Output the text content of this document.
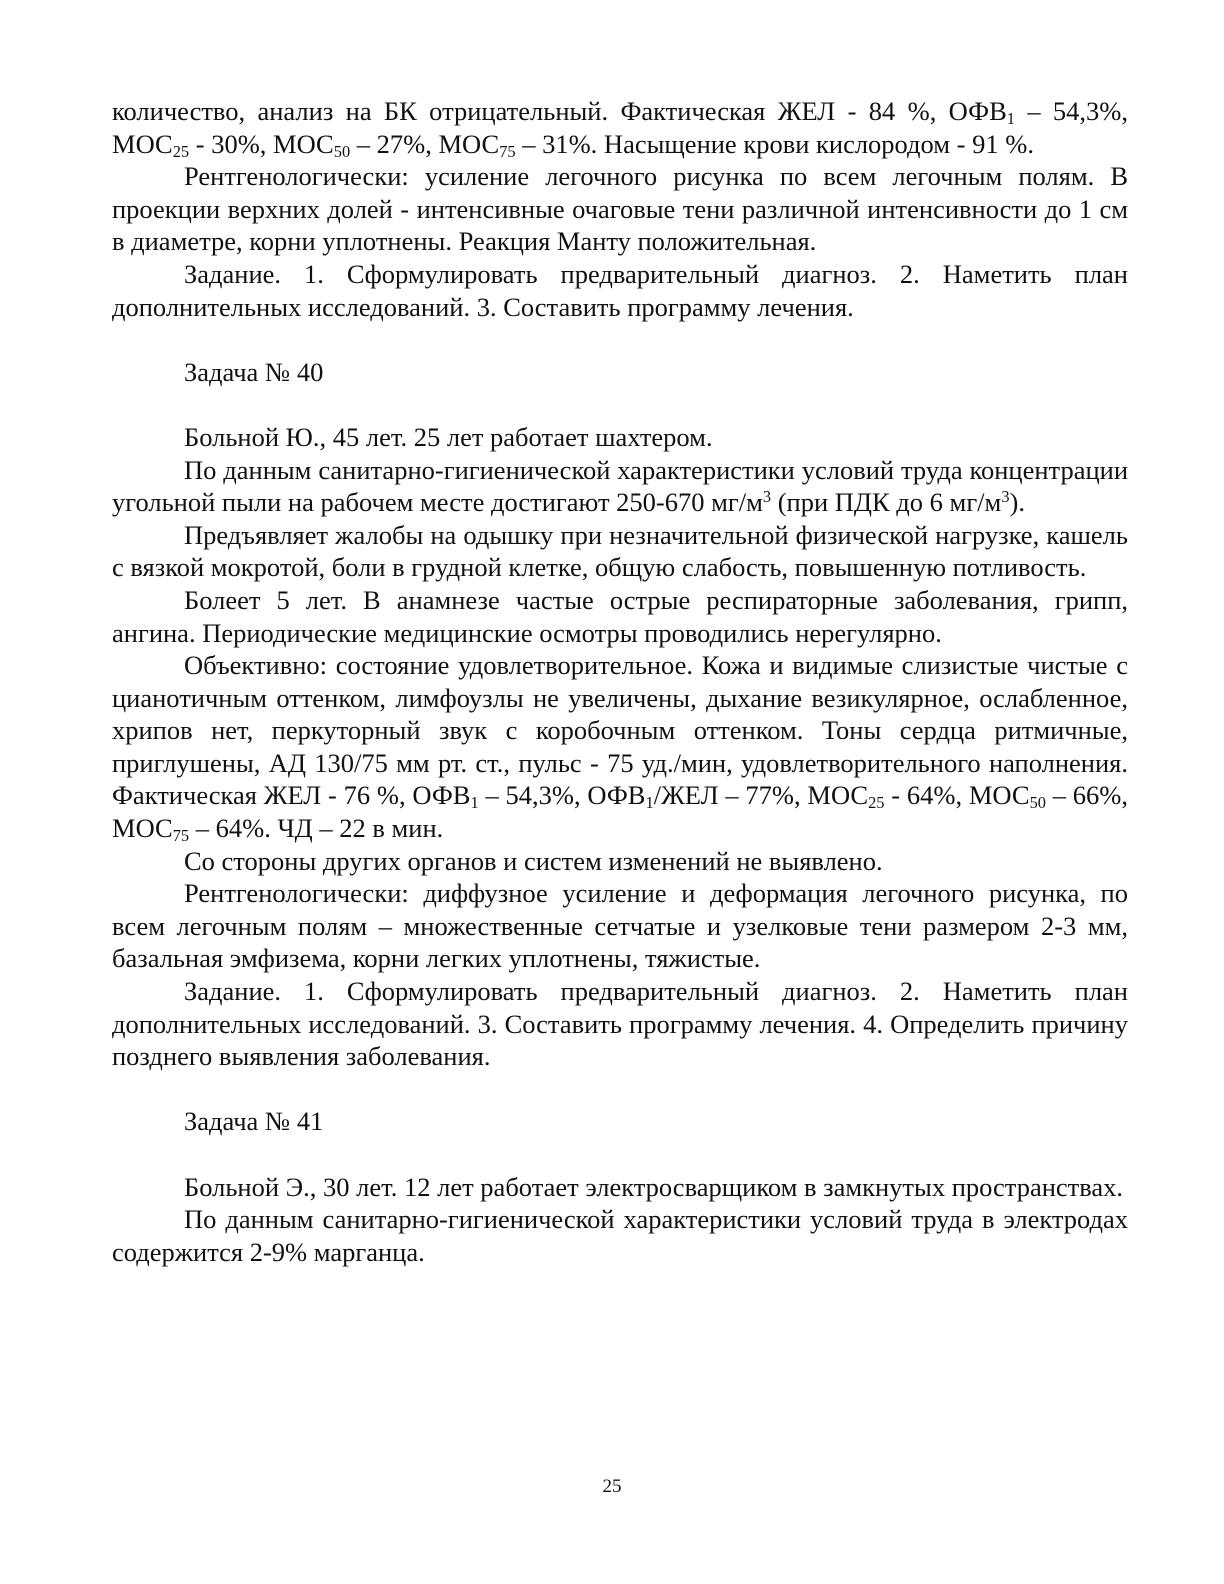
количество, анализ на БК отрицательный. Фактическая ЖЕЛ - 84 %, $ОФВ_1 - 54,3\%$, $МОС_{25} - 30\%$, $МОС_{50} - 27\%$, $МОС_{75} - 31\%$. Насыщение крови кислородом - 91 %.

Рентгенологически: усиление легочного рисунка по всем легочным полям. В проекции верхних долей - интенсивные очаговые тени различной интенсивности до 1 см в диаметре, корни уплотнены. Реакция Манту положительная.

Задание. 1. Сформулировать предварительный диагноз. 2. Наметить план дополнительных исследований. 3. Составить программу лечения.

Задача № 40

Больной Ю., 45 лет. 25 лет работает шахтером.

По данным санитарно-гигиенической характеристики условий труда концентрации угольной пыли на рабочем месте достигают 250-670 $мг/м^3$ (при ПДК до 6 $мг/м^3$).

Предъявляет жалобы на одышку при незначительной физической нагрузке, кашель с вязкой мокротой, боли в грудной клетке, общую слабость, повышенную потливость.

Болеет 5 лет. В анамнезе частые острые респираторные заболевания, грипп, ангина. Периодические медицинские осмотры проводились нерегулярно.

Объективно: состояние удовлетворительное. Кожа и видимые слизистые чистые с цианотичным оттенком, лимфоузлы не увеличены, дыхание везикулярное, ослабленное, хрипов нет, перкуторный звук с коробочным оттенком. Тоны сердца ритмичные, приглушены, АД 130/75 мм рт. ст., пульс - 75 уд./мин, удовлетворительного наполнения. Фактическая ЖЕЛ - 76 %, $ОФВ_1 - 54,3\%$, $ОФВ_1$/ЖЕЛ – 77%, $МОС_{25} - 64\%$, $МОС_{50} - 66\%$, $МОС_{75} - 64\%$. ЧД – 22 в мин.

Со стороны других органов и систем изменений не выявлено.

Рентгенологически: диффузное усиление и деформация легочного рисунка, по всем легочным полям – множественные сетчатые и узелковые тени размером 2-3 мм, базальная эмфизема, корни легких уплотнены, тяжистые.

Задание. 1. Сформулировать предварительный диагноз. 2. Наметить план дополнительных исследований. 3. Составить программу лечения. 4. Определить причину позднего выявления заболевания.

Задача № 41

Больной Э., 30 лет. 12 лет работает электросварщиком в замкнутых пространствах.

По данным санитарно-гигиенической характеристики условий труда в электродах содержится 2-9% марганца.

25
